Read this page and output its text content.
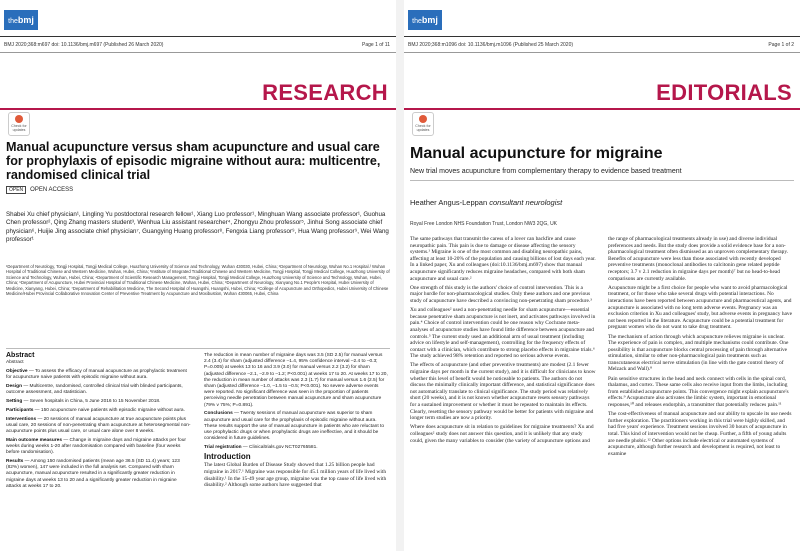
thebmj
BMJ 2020;368:m697 doi: 10.1136/bmj.m697 (Published 26 March 2020)	Page 1 of 11
RESEARCH
Check for updates
Manual acupuncture versus sham acupuncture and usual care for prophylaxis of episodic migraine without aura: multicentre, randomised clinical trial
OPEN OPEN ACCESS
Shabei Xu chief physician¹, Lingling Yu postdoctoral research fellow¹, Xiang Luo professor¹, Minghuan Wang associate professor¹, Guohua Chen professor², Qing Zhang masters student³, Wenhua Liu assistant researcher⁴, Zhongyu Zhou professor⁵, Jinhui Song associate chief physician⁶, Huijie Jing associate chief physician⁷, Guangying Huang professor⁸, Fengxia Liang professor⁹, Hua Wang professor⁹, Wei Wang professor¹
¹Department of Neurology, Tongji Hospital, Tongji Medical College, Huazhong University of Science and Technology, Wuhan 430030, Hubei, China; ²Department of Neurology, Wuhan No.1 Hospital / Wuhan Hospital of Traditional Chinese and Western Medicine, Wuhan, Hubei, China; ³Institute of Integrated Traditional Chinese and Western Medicine, Tongji Hospital, Tongji Medical College, Huazhong University of Science and Technology, Wuhan, Hubei, China; ⁴Department of Scientific Research Management, Tongji Hospital, Tongji Medical College, Huazhong University of Science and Technology, Wuhan, Hubei, China; ⁵Department of Acupuncture, Hubei Provincial Hospital of Traditional Chinese Medicine, Wuhan, Hubei, China; ⁶Department of Neurology, Xianyang No.1 People's Hospital, Hubei University of Medicine, Xianyang, Hubei, China; ⁷Department of Rehabilitation Medicine, The Second Hospital of Huangshi, Huangshi, Hubei, China; ⁸College of Acupuncture and Orthopedics, Hubei University of Chinese Medicine/Hubei Provincial Collaborative Innovation Center of Preventive Treatment by Acupuncture and Moxibustion, Wuhan 430065, Hubei, China
Abstract

Abstract

Objective — To assess the efficacy of manual acupuncture as prophylactic treatment for acupuncture naive patients with episodic migraine without aura.

Design — Multicentre, randomised, controlled clinical trial with blinded participants, outcome assessment, and statistician.

Setting — Seven hospitals in China, 5 June 2016 to 15 November 2018.

Participants — 150 acupuncture naive patients with episodic migraine without aura.

Interventions — 20 sessions of manual acupuncture at true acupuncture points plus usual care, 20 sessions of non-penetrating sham acupuncture at heterosegmental non-acupuncture points plus usual care, or usual care alone over 8 weeks.

Main outcome measures — Change in migraine days and migraine attacks per four weeks during weeks 1-20 after randomisation compared with baseline (four weeks before randomisation).

Results — Among 150 randomised patients (mean age 36.5 (SD 11.4) years; 123 (82%) women), 147 were included in the full analysis set. Compared with sham acupuncture, manual acupuncture resulted in a significantly greater reduction in migraine days at weeks 13 to 20 and a significantly greater reduction in migraine attacks at weeks 17 to 20.

The reduction in mean number of migraine days was 3.5 (SD 2.5) for manual versus 2.4 (3.4) for sham (adjusted difference –1.4, 95% confidence interval –2.4 to –0.3; P=0.005) at weeks 13 to 16 and 3.9 (3.0) for manual versus 2.2 (3.2) for sham (adjusted difference –2.1, –2.9 to –1.2; P<0.001) at weeks 17 to 20. At weeks 17 to 20, the reduction in mean number of attacks was 2.3 (1.7) for manual versus 1.6 (2.5) for sham (adjusted difference –1.0, –1.5 to –0.5; P<0.001). No severe adverse events were reported. No significant difference was seen in the proportion of patients perceiving needle penetration between manual acupuncture and sham acupuncture (79% v 75%; P=0.891).

Conclusions — Twenty sessions of manual acupuncture was superior to sham acupuncture and usual care for the prophylaxis of episodic migraine without aura. These results support the use of manual acupuncture in patients who are reluctant to use prophylactic drugs or when prophylactic drugs are ineffective, and it should be considered in future guidelines.

Trial registration — Clinicaltrials.gov NCT02765581.

Introduction

The latest Global Burden of Disease Study showed that 1.25 billion people had migraine in 2017.¹ Migraine was responsible for 45.1 million years of life lived with disability.¹ In the 15-49 year age group, migraine was the top cause of life lived with disability.² Although some authors have suggested that

thebmj
BMJ 2020;368:m1096 doi: 10.1136/bmj.m1096 (Published 25 March 2020)	Page 1 of 2
EDITORIALS
Check for updates
Manual acupuncture for migraine
New trial moves acupuncture from complementary therapy to evidence based treatment
Heather Angus-Leppan consultant neurologist
Royal Free London NHS Foundation Trust, London NW3 2QG, UK

The same pathways that transmit the caress of a lover can backfire and cause neuropathic pain. This pain is due to damage or disease affecting the sensory systems.¹ Migraine is one of the most common and disabling neuropathic pains, affecting at least 10-20% of the population and causing billions of lost days each year. In a linked paper, Xu and colleagues (doi:10.1136/bmj.m697) show that manual acupuncture significantly reduces migraine headaches, compared with both sham acupuncture and usual care.²

One strength of this study is the authors' choice of control intervention. This is a major hurdle for non-pharmacological studies. Only these authors and one previous study of acupuncture have described a convincing non-penetrating sham procedure.³

Xu and colleagues² used a non-penetrating needle for sham acupuncture—essential because penetrative sham acupuncture is not inert, and activates pathways involved in pain.⁴ Choice of control intervention could be one reason why Cochrane meta-analyses of acupuncture studies have found little difference between acupuncture and controls.⁵ The current study used an additional arm of usual treatment (including advice on lifestyle and self-management), controlling for the frequency effects of contact with a clinician, which contribute to strong placebo effects in migraine trials.⁶ The study achieved 98% retention and reported no serious adverse events.

The effects of acupuncture (and other preventive treatments) are modest (2.1 fewer migraine days per month in the current study), and it is difficult for clinicians to know whether this level of benefit would be noticeable to patients. The authors do not discuss the minimally clinically important difference, and statistical significance does not automatically translate to clinical significance. The study period was relatively short (20 weeks), and it is not known whether acupuncture resets sensory pathways for a sustained improvement or whether it must be repeated to maintain its effects. Clearly, resetting the sensory pathway would be better for patients with migraine and longer term studies are now a priority.

Where does acupuncture sit in relation to guidelines for migraine treatments? Xu and colleagues² study does not answer this question, and it is unlikely that any study could, given the many variables to consider (the variety of acupuncture options and

the range of pharmacological treatments already in use) and diverse individual preferences and needs. But the study does provide a solid evidence base for a non-pharmacological treatment often dismissed as an unproven complementary therapy. Benefits of acupuncture were less than those associated with recently developed preventive treatments (monoclonal antibodies to calcitonin gene related peptide receptors; 3.7 v 2.1 reduction in migraine days per month)⁷ but no head-to-head comparisons are currently available.

Acupuncture might be a first choice for people who want to avoid pharmacological treatment, or for those who take several drugs with potential interactions. No interactions have been reported between acupuncture and pharmaceutical agents, and acupuncture is associated with no long term adverse events. Pregnancy was an exclusion criterion in Xu and colleagues' study, but adverse events in pregnancy have not been reported in the literature. Acupuncture could be a potential treatment for pregnant women who do not want to take drug treatment.

The mechanism of action through which acupuncture relieves migraine is unclear. The experience of pain is complex, and multiple mechanisms could contribute. One possibility is that acupuncture blocks central processing of pain through alternative stimulation, similar to other non-pharmacological pain treatments such as transcutaneous electrical nerve stimulation (in line with the gate control theory of Melzack and Wall).⁸

Pain sensitive structures in the head and neck connect with cells in the spinal cord, thalamus, and cortex. These same cells also receive input from the limbs, including from established acupuncture points. This convergence might explain acupuncture's effects.⁹ Acupuncture also activates the limbic system, important in emotional responses,¹⁰ and releases endorphin, a transmitter that potentially reduces pain.¹¹

The cost-effectiveness of manual acupuncture and our ability to upscale its use needs further exploration. The practitioners working in this trial were highly skilled, and had five years' experience. Treatment sessions involved 30 hours of acupuncture in total. This kind of intervention would not be cheap. Further, a fifth of young adults are needle phobic.¹² Other options include electrical or automated systems of acupuncture, although further research and development is required, not least to examine
